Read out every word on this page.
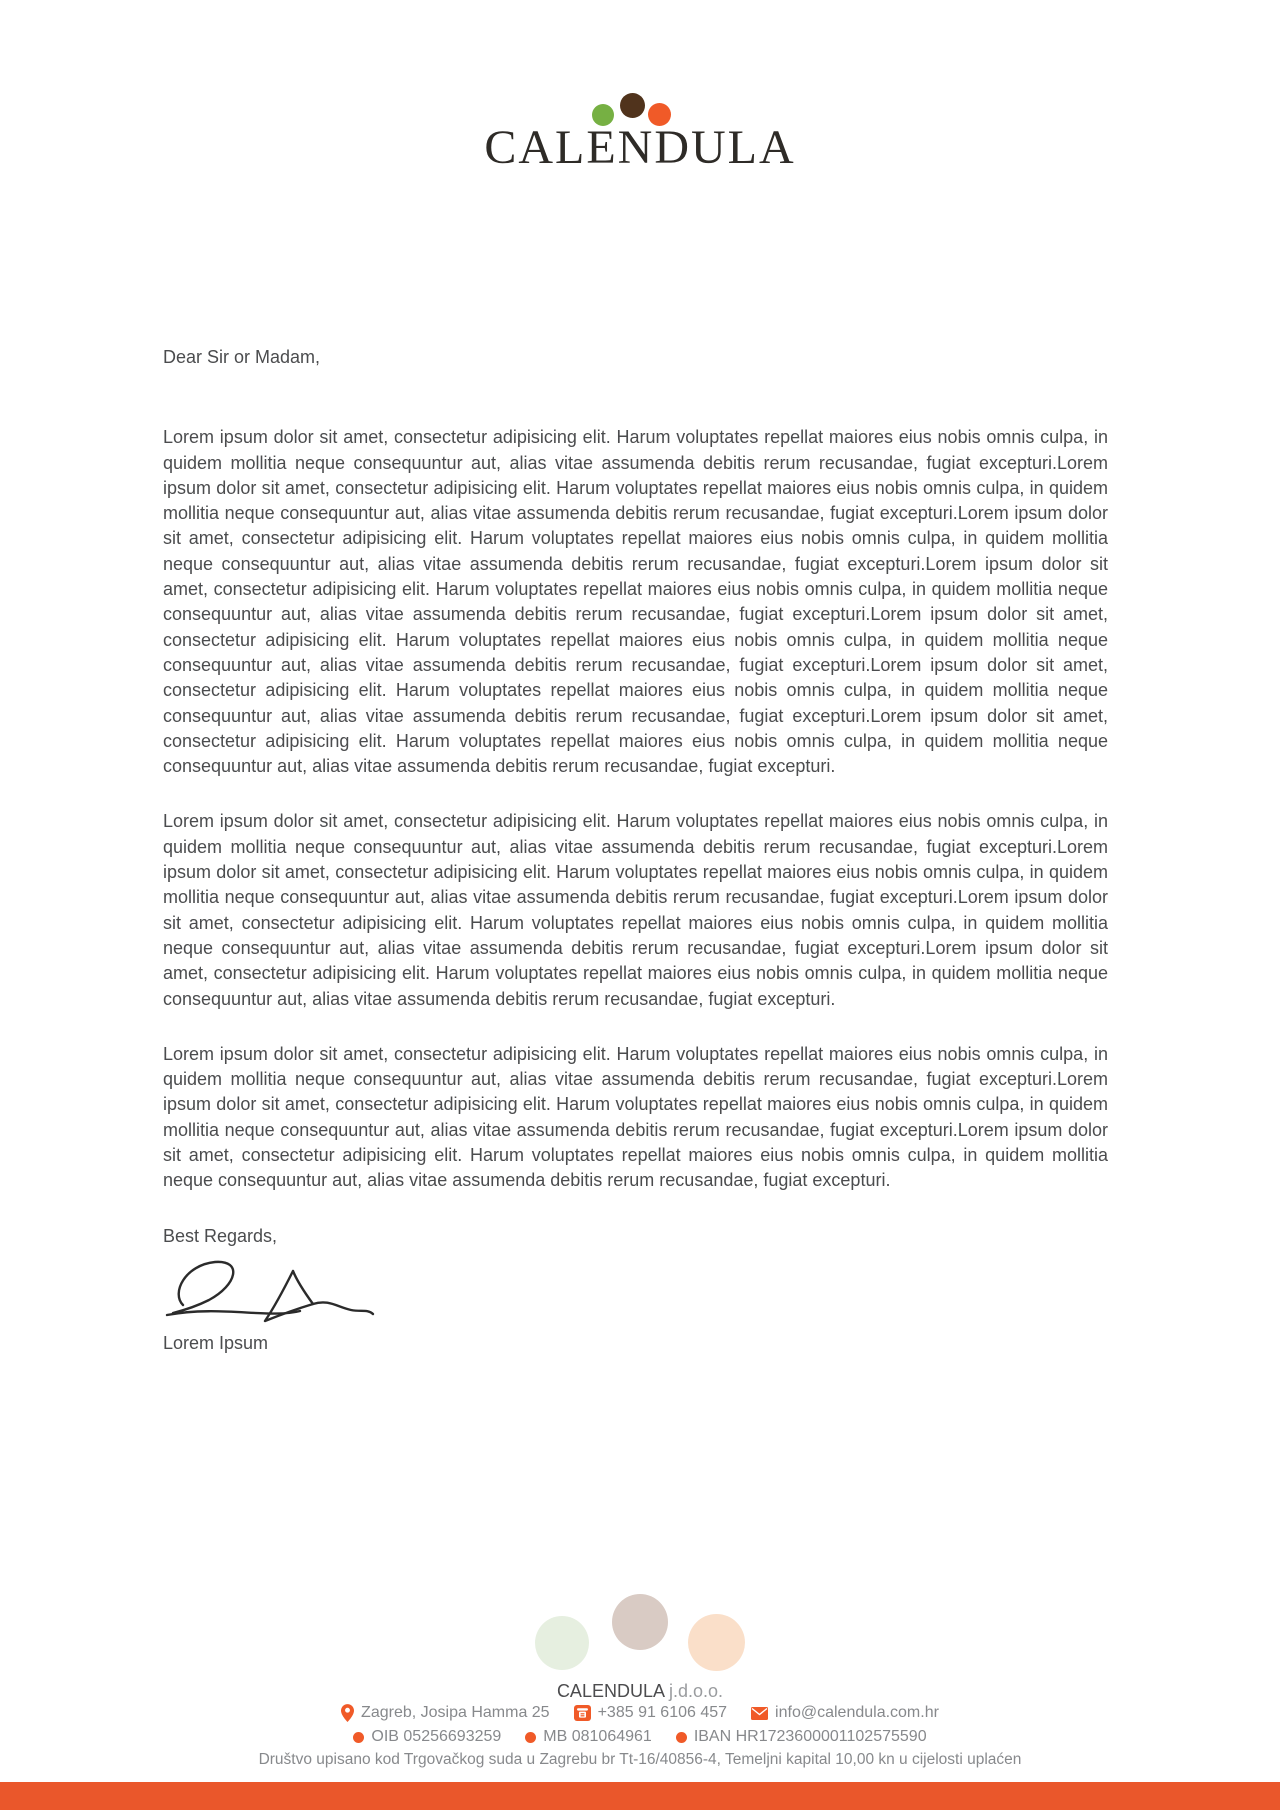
CALENDULA

Dear Sir or Madam,

Lorem ipsum dolor sit amet, consectetur adipisicing elit. Harum voluptates repellat maiores eius nobis omnis culpa, in quidem mollitia neque consequuntur aut, alias vitae assumenda debitis rerum recusandae, fugiat excepturi.Lorem ipsum dolor sit amet, consectetur adipisicing elit. Harum voluptates repellat maiores eius nobis omnis culpa, in quidem mollitia neque consequuntur aut, alias vitae assumenda debitis rerum recusandae, fugiat excepturi.Lorem ipsum dolor sit amet, consectetur adipisicing elit. Harum voluptates repellat maiores eius nobis omnis culpa, in quidem mollitia neque consequuntur aut, alias vitae assumenda debitis rerum recusandae, fugiat excepturi.Lorem ipsum dolor sit amet, consectetur adipisicing elit. Harum voluptates repellat maiores eius nobis omnis culpa, in quidem mollitia neque consequuntur aut, alias vitae assumenda debitis rerum recusandae, fugiat excepturi.Lorem ipsum dolor sit amet, consectetur adipisicing elit. Harum voluptates repellat maiores eius nobis omnis culpa, in quidem mollitia neque consequuntur aut, alias vitae assumenda debitis rerum recusandae, fugiat excepturi.Lorem ipsum dolor sit amet, consectetur adipisicing elit. Harum voluptates repellat maiores eius nobis omnis culpa, in quidem mollitia neque consequuntur aut, alias vitae assumenda debitis rerum recusandae, fugiat excepturi.Lorem ipsum dolor sit amet, consectetur adipisicing elit. Harum voluptates repellat maiores eius nobis omnis culpa, in quidem mollitia neque consequuntur aut, alias vitae assumenda debitis rerum recusandae, fugiat excepturi.

Lorem ipsum dolor sit amet, consectetur adipisicing elit. Harum voluptates repellat maiores eius nobis omnis culpa, in quidem mollitia neque consequuntur aut, alias vitae assumenda debitis rerum recusandae, fugiat excepturi.Lorem ipsum dolor sit amet, consectetur adipisicing elit. Harum voluptates repellat maiores eius nobis omnis culpa, in quidem mollitia neque consequuntur aut, alias vitae assumenda debitis rerum recusandae, fugiat excepturi.Lorem ipsum dolor sit amet, consectetur adipisicing elit. Harum voluptates repellat maiores eius nobis omnis culpa, in quidem mollitia neque consequuntur aut, alias vitae assumenda debitis rerum recusandae, fugiat excepturi.Lorem ipsum dolor sit amet, consectetur adipisicing elit. Harum voluptates repellat maiores eius nobis omnis culpa, in quidem mollitia neque consequuntur aut, alias vitae assumenda debitis rerum recusandae, fugiat excepturi.

Lorem ipsum dolor sit amet, consectetur adipisicing elit. Harum voluptates repellat maiores eius nobis omnis culpa, in quidem mollitia neque consequuntur aut, alias vitae assumenda debitis rerum recusandae, fugiat excepturi.Lorem ipsum dolor sit amet, consectetur adipisicing elit. Harum voluptates repellat maiores eius nobis omnis culpa, in quidem mollitia neque consequuntur aut, alias vitae assumenda debitis rerum recusandae, fugiat excepturi.Lorem ipsum dolor sit amet, consectetur adipisicing elit. Harum voluptates repellat maiores eius nobis omnis culpa, in quidem mollitia neque consequuntur aut, alias vitae assumenda debitis rerum recusandae, fugiat excepturi.

Best Regards,

Lorem Ipsum

CALENDULA j.d.o.o.
Zagreb, Josipa Hamma 25	+385 91 6106 457	info@calendula.com.hr
OIB 05256693259	MB 081064961	IBAN HR1723600001102575590
Društvo upisano kod Trgovačkog suda u Zagrebu br Tt-16/40856-4, Temeljni kapital 10,00 kn u cijelosti uplaćen
